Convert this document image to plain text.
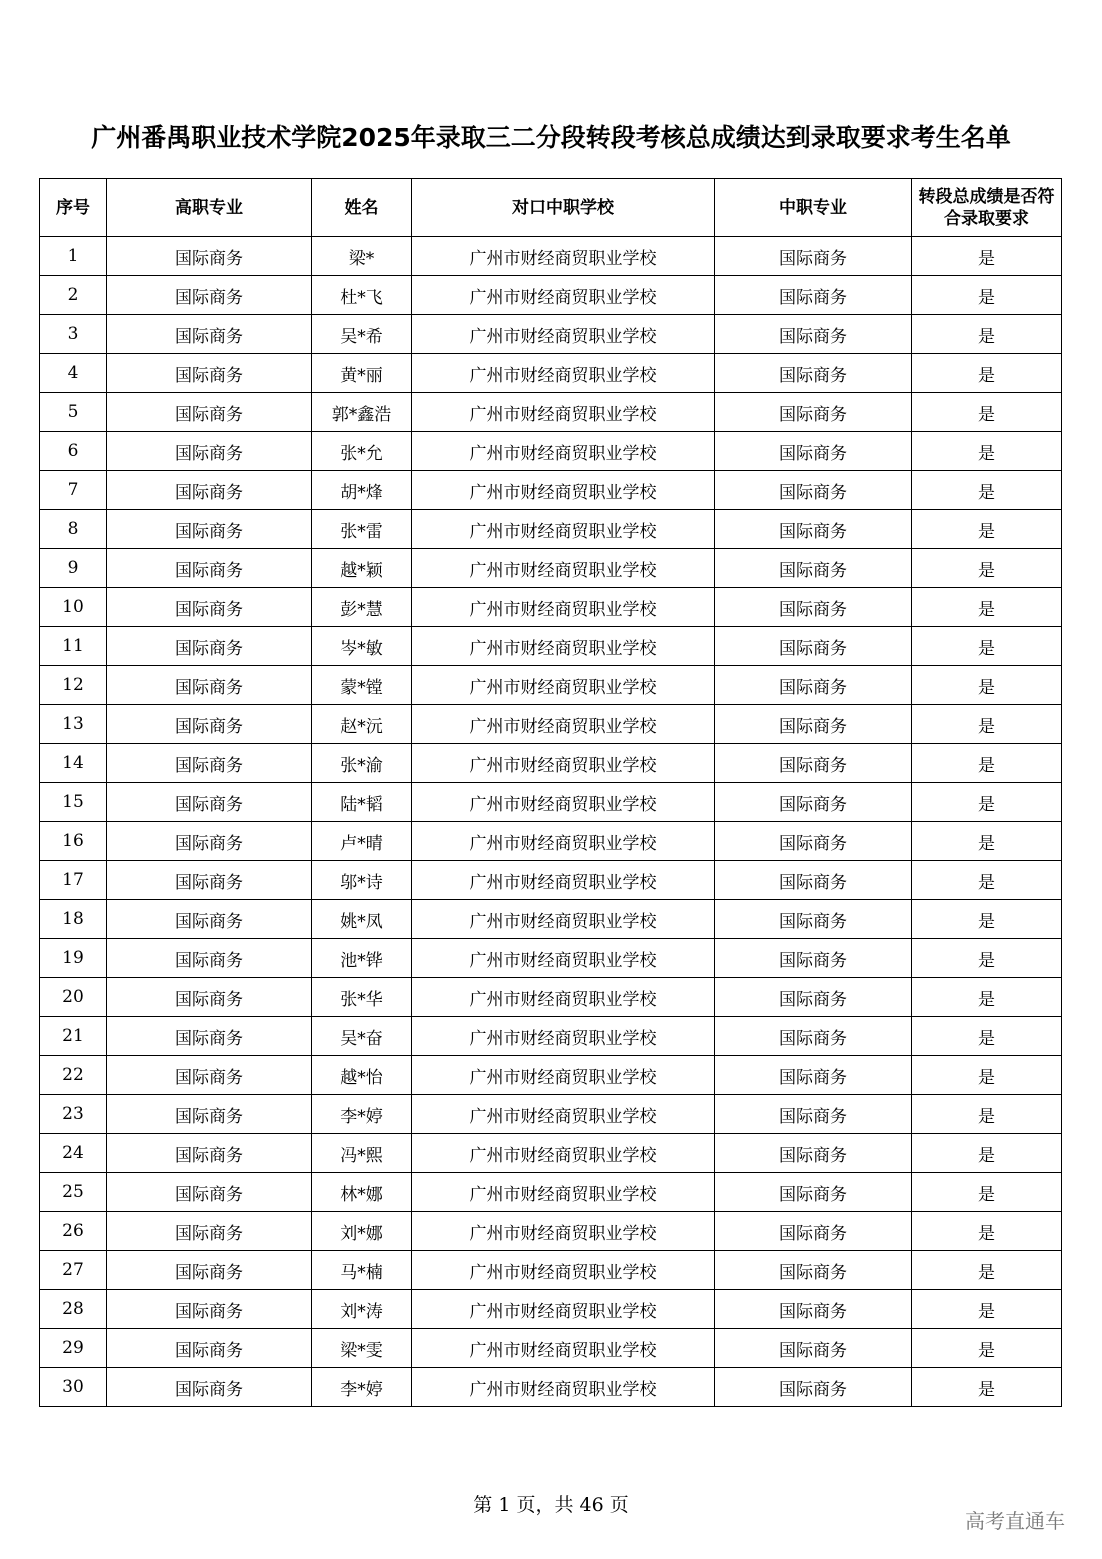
广州番禺职业技术学院2025年录取三二分段转段考核总成绩达到录取要求考生名单
序号	高职专业	姓名	对口中职学校	中职专业	转段总成绩是否符合录取要求
1	国际商务	梁*	广州市财经商贸职业学校	国际商务	是
2	国际商务	杜*飞	广州市财经商贸职业学校	国际商务	是
3	国际商务	吴*希	广州市财经商贸职业学校	国际商务	是
4	国际商务	黄*丽	广州市财经商贸职业学校	国际商务	是
5	国际商务	郭*鑫浩	广州市财经商贸职业学校	国际商务	是
6	国际商务	张*允	广州市财经商贸职业学校	国际商务	是
7	国际商务	胡*烽	广州市财经商贸职业学校	国际商务	是
8	国际商务	张*雷	广州市财经商贸职业学校	国际商务	是
9	国际商务	越*颖	广州市财经商贸职业学校	国际商务	是
10	国际商务	彭*慧	广州市财经商贸职业学校	国际商务	是
11	国际商务	岑*敏	广州市财经商贸职业学校	国际商务	是
12	国际商务	蒙*镗	广州市财经商贸职业学校	国际商务	是
13	国际商务	赵*沅	广州市财经商贸职业学校	国际商务	是
14	国际商务	张*渝	广州市财经商贸职业学校	国际商务	是
15	国际商务	陆*韬	广州市财经商贸职业学校	国际商务	是
16	国际商务	卢*晴	广州市财经商贸职业学校	国际商务	是
17	国际商务	邬*诗	广州市财经商贸职业学校	国际商务	是
18	国际商务	姚*凤	广州市财经商贸职业学校	国际商务	是
19	国际商务	池*铧	广州市财经商贸职业学校	国际商务	是
20	国际商务	张*华	广州市财经商贸职业学校	国际商务	是
21	国际商务	吴*奋	广州市财经商贸职业学校	国际商务	是
22	国际商务	越*怡	广州市财经商贸职业学校	国际商务	是
23	国际商务	李*婷	广州市财经商贸职业学校	国际商务	是
24	国际商务	冯*熙	广州市财经商贸职业学校	国际商务	是
25	国际商务	林*娜	广州市财经商贸职业学校	国际商务	是
26	国际商务	刘*娜	广州市财经商贸职业学校	国际商务	是
27	国际商务	马*楠	广州市财经商贸职业学校	国际商务	是
28	国际商务	刘*涛	广州市财经商贸职业学校	国际商务	是
29	国际商务	梁*雯	广州市财经商贸职业学校	国际商务	是
30	国际商务	李*婷	广州市财经商贸职业学校	国际商务	是
第 1 页，共 46 页
高考直通车
